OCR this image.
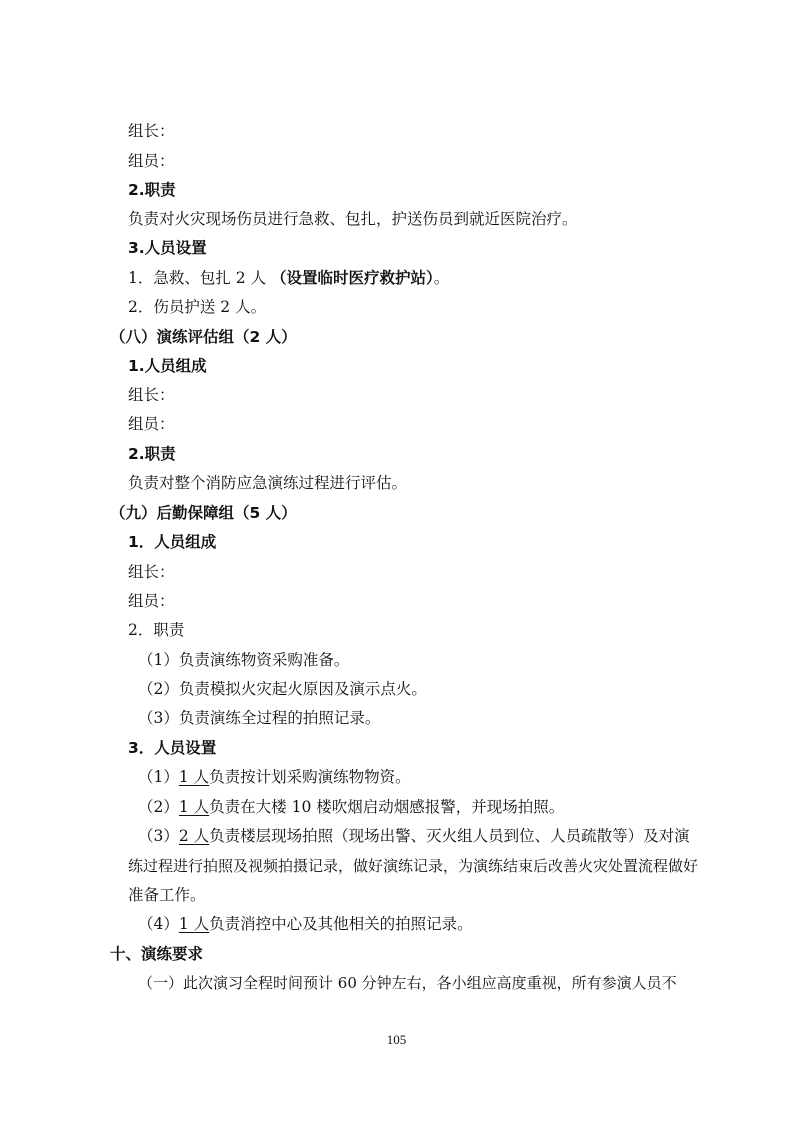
组长：
组员：
2.职责
负责对火灾现场伤员进行急救、包扎，护送伤员到就近医院治疗。
3.人员设置
1．急救、包扎 2 人 （设置临时医疗救护站）。
2．伤员护送 2 人。
（八）演练评估组（2 人）
1.人员组成
组长：
组员：
2.职责
负责对整个消防应急演练过程进行评估。
（九）后勤保障组（5 人）
1．人员组成
组长：
组员：
2．职责
（1）负责演练物资采购准备。
（2）负责模拟火灾起火原因及演示点火。
（3）负责演练全过程的拍照记录。
3．人员设置
（1）1 人负责按计划采购演练物物资。
（2）1 人负责在大楼 10 楼吹烟启动烟感报警，并现场拍照。
（3）2 人负责楼层现场拍照（现场出警、灭火组人员到位、人员疏散等）及对演
练过程进行拍照及视频拍摄记录，做好演练记录，为演练结束后改善火灾处置流程做好
准备工作。
（4）1 人负责消控中心及其他相关的拍照记录。
十、演练要求
（一）此次演习全程时间预计 60 分钟左右，各小组应高度重视，所有参演人员不
105
